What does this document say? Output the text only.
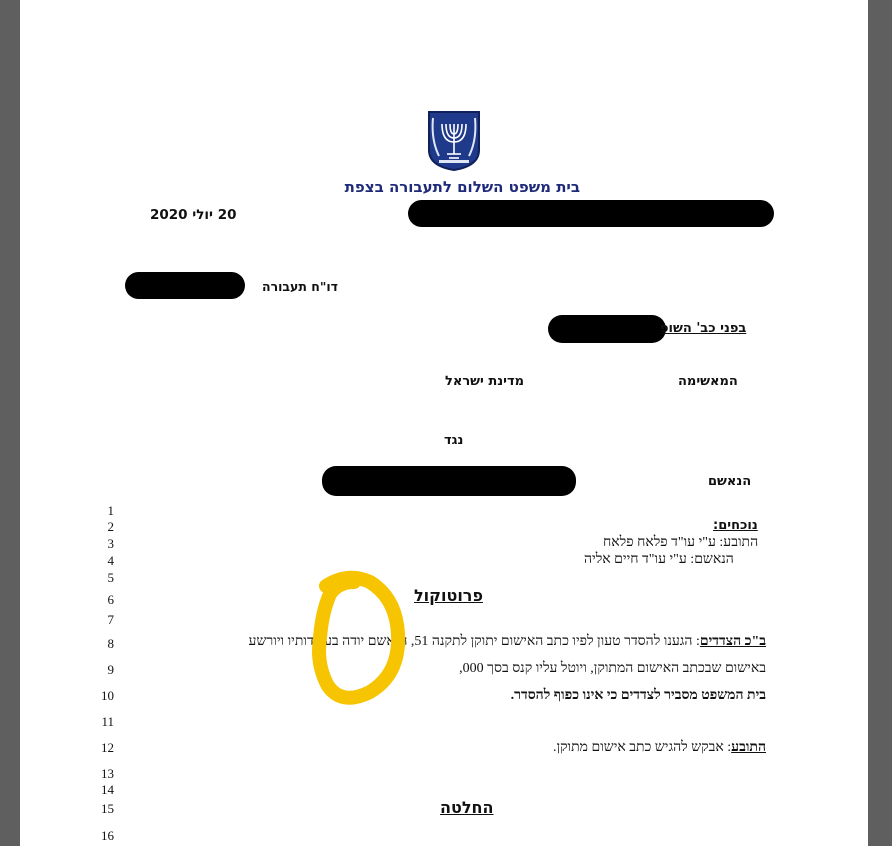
בית משפט השלום לתעבורה בצפת
20 יולי 2020
דו"ח תעבורה
בפני כב' השופ
המאשימה
מדינת ישראל
נגד
הנאשם
1
2
3
4
5
6
7
8
9
10
11
12
13
14
15
16
נוכחים:
התובע: ע"י עו"ד פלאח פלאח
הנאשם: ע"י עו"ד חיים אליה
פרוטוקול
ב"כ הצדדים: הגענו להסדר טעון לפיו כתב האישום יתוקן לתקנה 51, הנאשם יודה בעובדותיו ויורשע
באישום שבכתב האישום המתוקן, ויוטל עליו קנס בסך 000,
בית המשפט מסביר לצדדים כי אינו כפוף להסדר.
התובע: אבקש להגיש כתב אישום מתוקן.
החלטה
